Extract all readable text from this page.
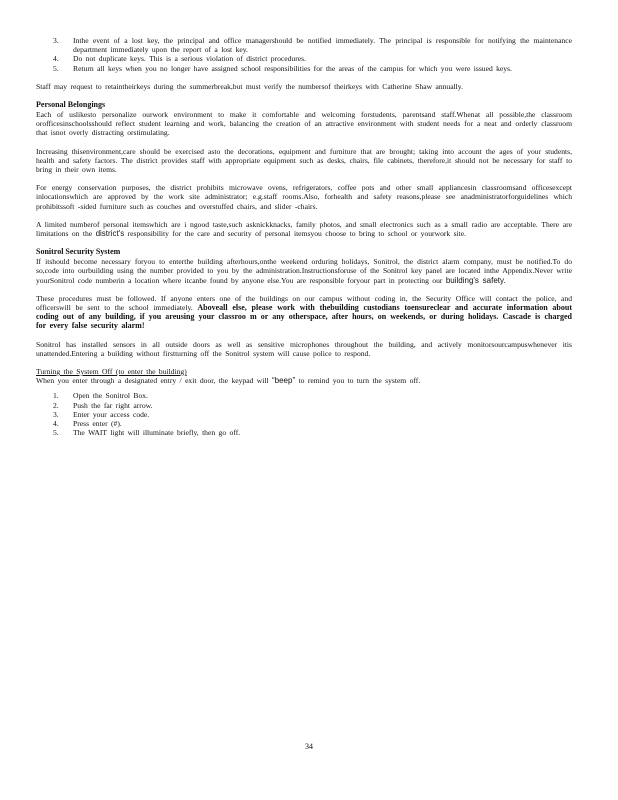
3.	Inthe event of a lost key, the principal and office managershould be notified immediately. The principal is responsible for notifying the maintenance department immediately upon the report of a lost key.
4.	Do not duplicate keys. This is a serious violation of district procedures.
5.	Return all keys when you no longer have assigned school responsibilities for the areas of the campus for which you were issued keys.

Staff may request to retaintheirkeys during the summerbreak,but must verify the numbersof theirkeys with Catherine Shaw annually.

Personal Belongings

Each of uslikesto personalize ourwork environment to make it comfortable and welcoming forstudents, parentsand staff.Whenat all possible,the classroom orofficesinschoolsshould reflect student learning and work, balancing the creation of an attractive environment with student needs for a neat and orderly classroom that isnot overly distracting orstimulating.

Increasing thisenvironment,care should be exercised asto the decorations, equipment and furniture that are brought; taking into account the ages of your students, health and safety factors. The district provides staff with appropriate equipment such as desks, chairs, file cabinets, therefore,it should not be necessary for staff to bring in their own items.

For energy conservation purposes, the district prohibits microwave ovens, refrigerators, coffee pots and other small appliancesin classroomsand officesexcept inlocationswhich are approved by the work site administrator; e.g.staff rooms.Also, forhealth and safety reasons,please see anadministratorforguidelines which prohibitssoft -sided furniture such as couches and overstuffed chairs, and slider -chairs.

A limited numberof personal itemswhich are i ngood taste,such asknickknacks, family photos, and small electronics such as a small radio are acceptable. There are limitations on the district's responsibility for the care and security of personal itemsyou choose to bring to school or yourwork site.

Sonitrol Security System

If itshould become necessary foryou to enterthe building afterhours,onthe weekend orduring holidays, Sonitrol, the district alarm company, must be notified.To do so,code into ourbuilding using the number provided to you by the administration.Instructionsforuse of the Sonitrol key panel are located inthe Appendix.Never write yourSonitrol code numberin a location where itcanbe found by anyone else.You are responsible foryour part in protecting our building's safety.

These procedures must be followed. If anyone enters one of the buildings on our campus without coding in, the Security Office will contact the police, and officerswill be sent to the school immediately. Aboveall else, please work with thebuilding custodians toensureclear and accurate information about coding out of any building, if you areusing your classroo m or any otherspace, after hours, on weekends, or during holidays. Cascade is charged for every false security alarm!

Sonitrol has installed sensors in all outside doors as well as sensitive microphones throughout the building, and actively monitorsourcampuswhenever itis unattended.Entering a building without firstturning off the Sonitrol system will cause police to respond.

Turning the System Off (to enter the building)

When you enter through a designated entry / exit door, the keypad will “beep” to remind you to turn the system off.

1.	Open the Sonitrol Box.
2.	Push the far right arrow.
3.	Enter your access code.
4.	Press enter (#).
5.	The WAIT light will illuminate briefly, then go off.
34
